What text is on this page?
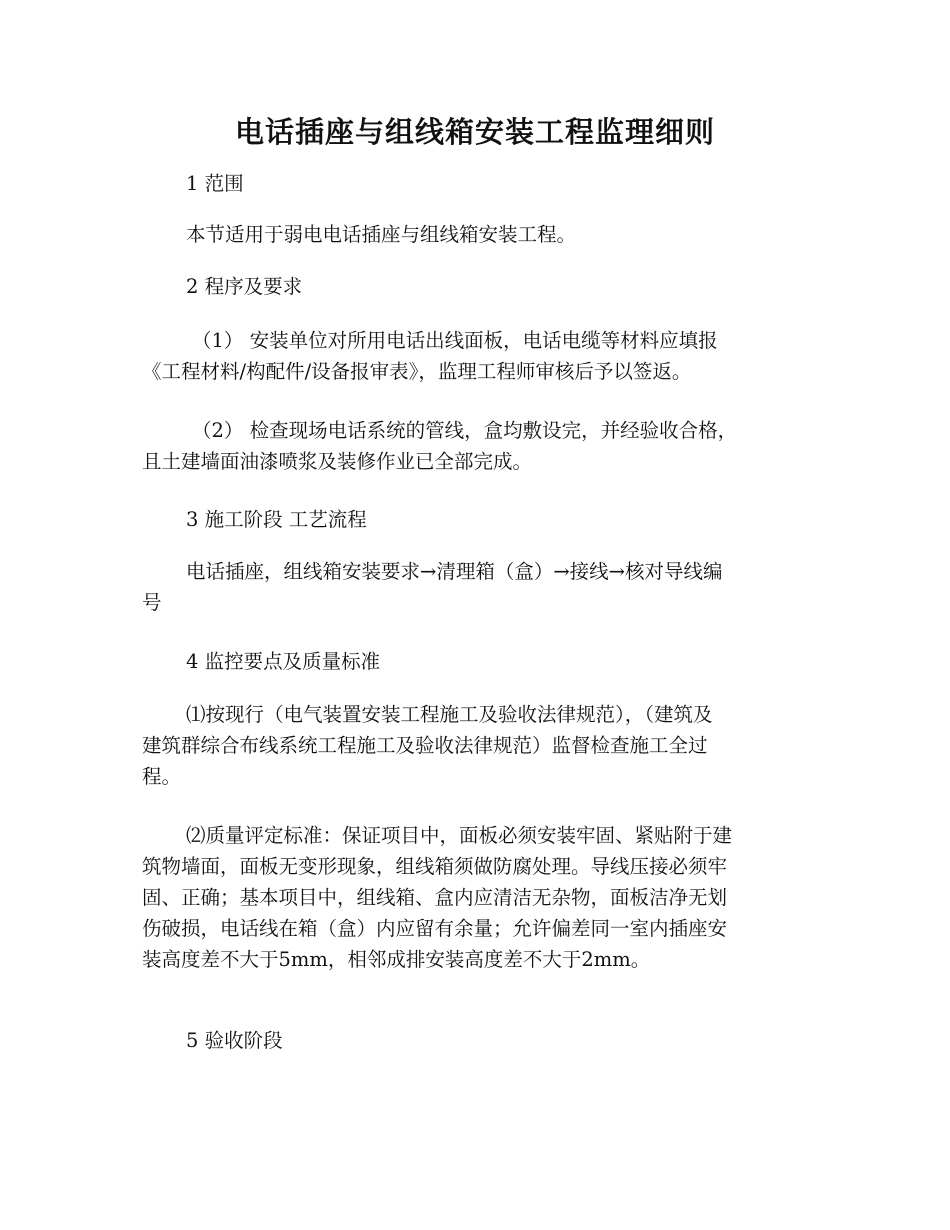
电话插座与组线箱安装工程监理细则

1 范围

本节适用于弱电电话插座与组线箱安装工程。

2 程序及要求

（1） 安装单位对所用电话出线面板，电话电缆等材料应填报
《工程材料/构配件/设备报审表》，监理工程师审核后予以签返。

（2） 检查现场电话系统的管线，盒均敷设完，并经验收合格，
且土建墙面油漆喷浆及装修作业已全部完成。

3 施工阶段 工艺流程

电话插座，组线箱安装要求→清理箱（盒）→接线→核对导线编
号

4 监控要点及质量标准

⑴按现行（电气装置安装工程施工及验收法律规范），（建筑及
建筑群综合布线系统工程施工及验收法律规范）监督检查施工全过
程。

⑵质量评定标准：保证项目中，面板必须安装牢固、紧贴附于建
筑物墙面，面板无变形现象，组线箱须做防腐处理。导线压接必须牢
固、正确；基本项目中，组线箱、盒内应清洁无杂物，面板洁净无划
伤破损，电话线在箱（盒）内应留有余量；允许偏差同一室内插座安
装高度差不大于5mm，相邻成排安装高度差不大于2mm。

5 验收阶段
